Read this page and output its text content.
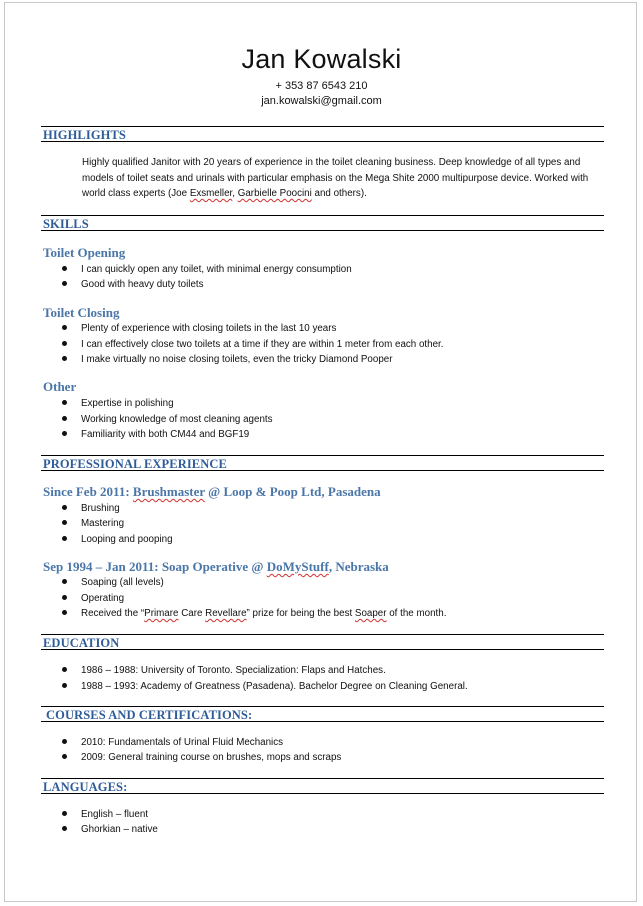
Jan Kowalski
+ 353 87 6543 210
jan.kowalski@gmail.com
HIGHLIGHTS
Highly qualified Janitor with 20 years of experience in the toilet cleaning business. Deep knowledge of all types and
models of toilet seats and urinals with particular emphasis on the Mega Shite 2000 multipurpose device. Worked with
world class experts (Joe Exsmeller, Garbielle Poocini and others).
SKILLS
Toilet Opening
I can quickly open any toilet, with minimal energy consumption
Good with heavy duty toilets
Toilet Closing
Plenty of experience with closing toilets in the last 10 years
I can effectively close two toilets at a time if they are within 1 meter from each other.
I make virtually no noise closing toilets, even the tricky Diamond Pooper
Other
Expertise in polishing
Working knowledge of most cleaning agents
Familiarity with both CM44 and BGF19
PROFESSIONAL EXPERIENCE
Since Feb 2011: Brushmaster @ Loop & Poop Ltd, Pasadena
Brushing
Mastering
Looping and pooping
Sep 1994 – Jan 2011: Soap Operative @ DoMyStuff, Nebraska
Soaping (all levels)
Operating
Received the “Primare Care Revellare” prize for being the best Soaper of the month.
EDUCATION
1986 – 1988: University of Toronto. Specialization: Flaps and Hatches.
1988 – 1993: Academy of Greatness (Pasadena). Bachelor Degree on Cleaning General.
COURSES AND CERTIFICATIONS:
2010: Fundamentals of Urinal Fluid Mechanics
2009: General training course on brushes, mops and scraps
LANGUAGES:
English – fluent
Ghorkian – native
